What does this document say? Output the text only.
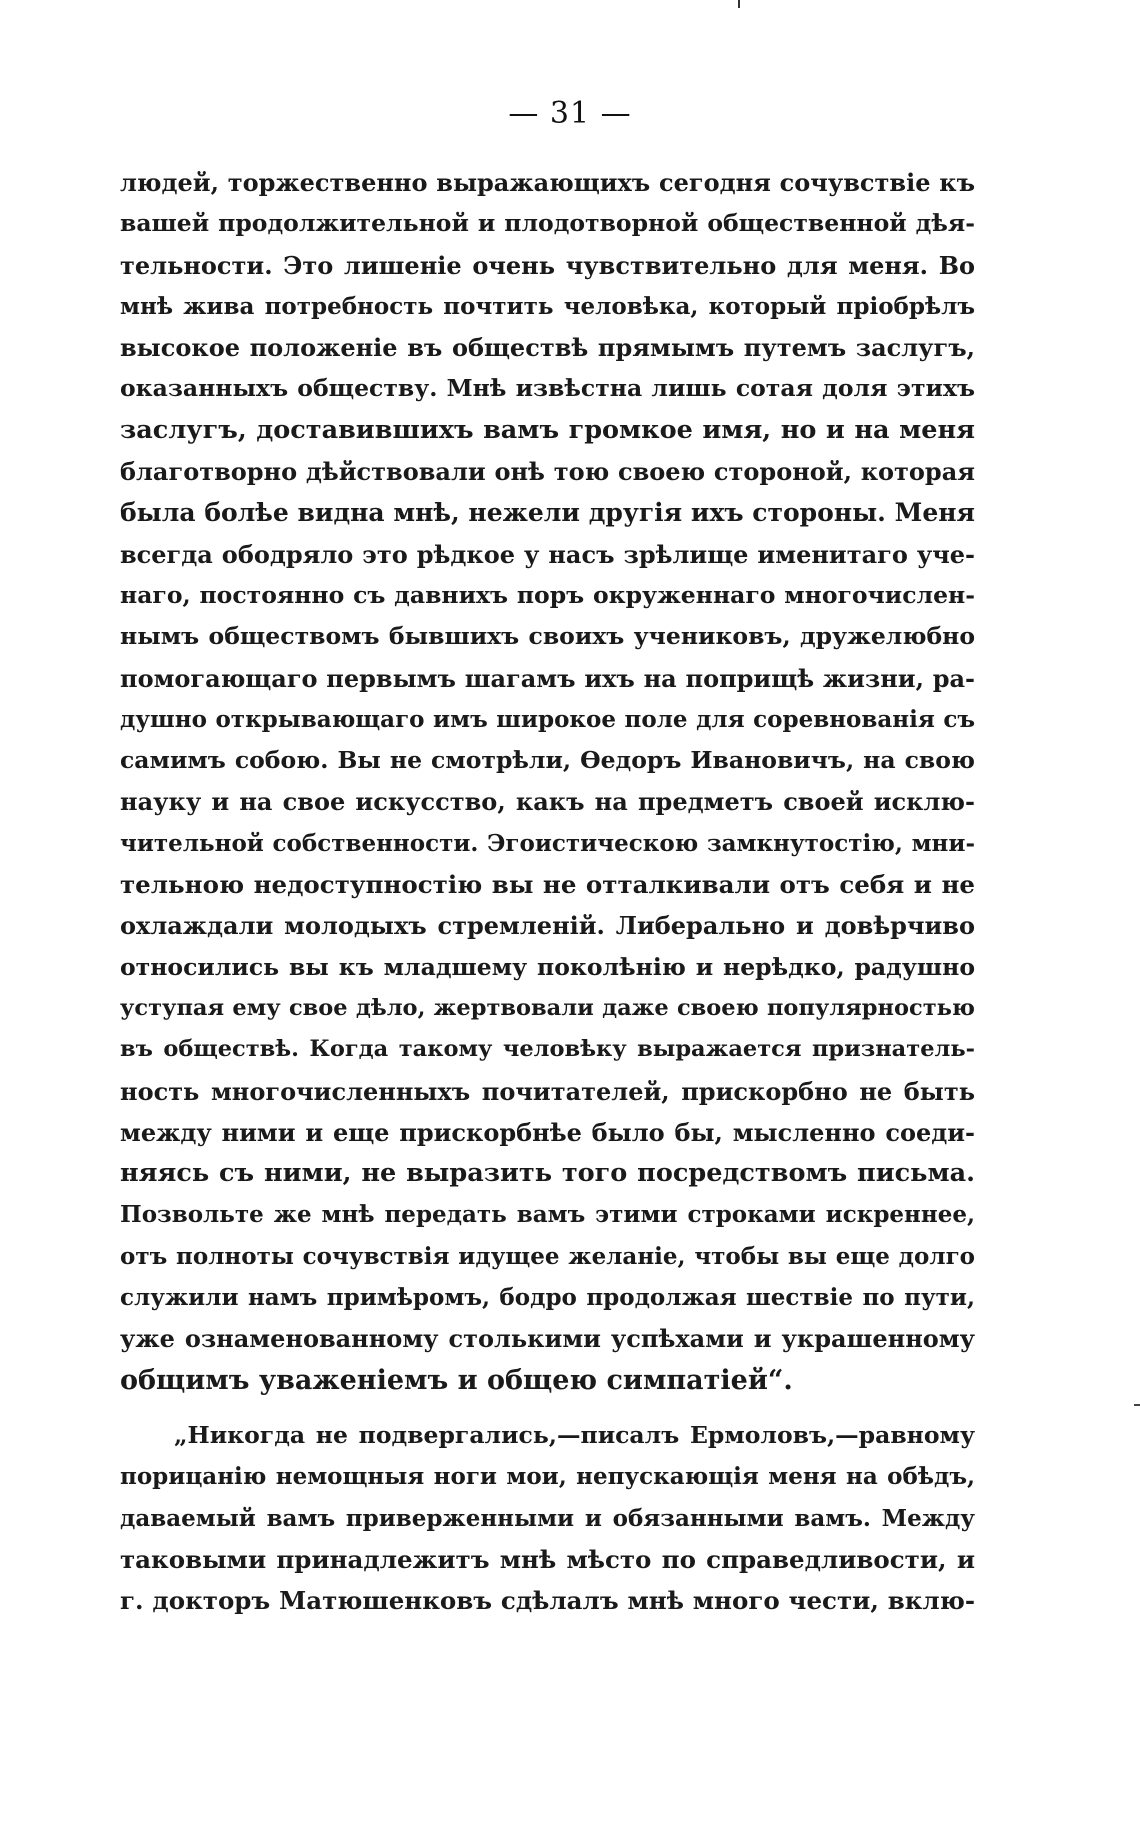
— 31 —
людей, торжественно выражающихъ сегодня сочувствіе къ
вашей продолжительной и плодотворной общественной дѣя-
тельности. Это лишеніе очень чувствительно для меня. Во
мнѣ жива потребность почтить человѣка, который пріобрѣлъ
высокое положеніе въ обществѣ прямымъ путемъ заслугъ,
оказанныхъ обществу. Мнѣ извѣстна лишь сотая доля этихъ
заслугъ, доставившихъ вамъ громкое имя, но и на меня
благотворно дѣйствовали онѣ тою своею стороной, которая
была болѣе видна мнѣ, нежели другія ихъ стороны. Меня
всегда ободряло это рѣдкое у насъ зрѣлище именитаго уче-
наго, постоянно съ давнихъ поръ окруженнаго многочислен-
нымъ обществомъ бывшихъ своихъ учениковъ, дружелюбно
помогающаго первымъ шагамъ ихъ на поприщѣ жизни, ра-
душно открывающаго имъ широкое поле для соревнованія съ
самимъ собою. Вы не смотрѣли, Ѳедоръ Ивановичъ, на свою
науку и на свое искусство, какъ на предметъ своей исклю-
чительной собственности. Эгоистическою замкнутостію, мни-
тельною недоступностію вы не отталкивали отъ себя и не
охлаждали молодыхъ стремленій. Либерально и довѣрчиво
относились вы къ младшему поколѣнію и нерѣдко, радушно
уступая ему свое дѣло, жертвовали даже своею популярностью
въ обществѣ. Когда такому человѣку выражается признатель-
ность многочисленныхъ почитателей, прискорбно не быть
между ними и еще прискорбнѣе было бы, мысленно соеди-
няясь съ ними, не выразить того посредствомъ письма.
Позвольте же мнѣ передать вамъ этими строками искреннее,
отъ полноты сочувствія идущее желаніе, чтобы вы еще долго
служили намъ примѣромъ, бодро продолжая шествіе по пути,
уже ознаменованному столькими успѣхами и украшенному
общимъ уваженіемъ и общею симпатіей“.
„Никогда не подвергались,—писалъ Ермоловъ,—равному
порицанію немощныя ноги мои, непускающія меня на обѣдъ,
даваемый вамъ приверженными и обязанными вамъ. Между
таковыми принадлежитъ мнѣ мѣсто по справедливости, и
г. докторъ Матюшенковъ сдѣлалъ мнѣ много чести, вклю-
